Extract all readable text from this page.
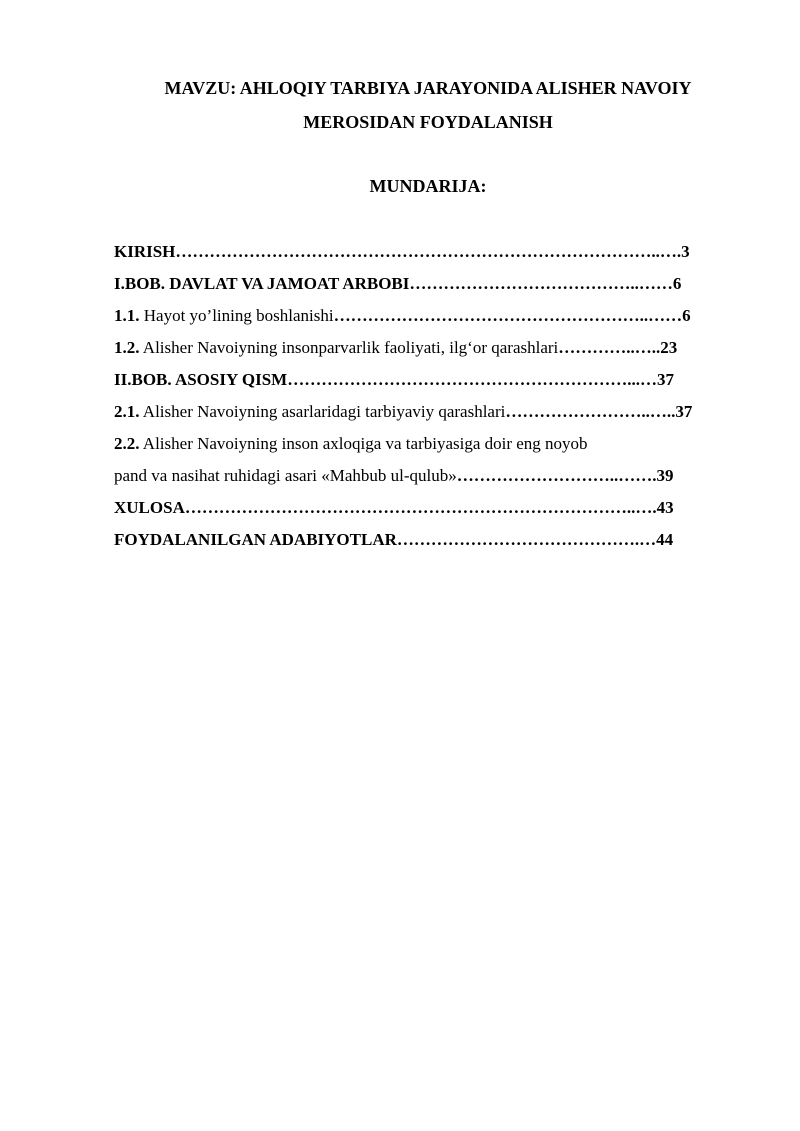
MAVZU: AHLOQIY TARBIYA JARAYONIDA ALISHER NAVOIY
MEROSIDAN FOYDALANISH
MUNDARIJA:
KIRISH…………………………………………………………………………..….3
I.BOB. DAVLAT VA JAMOAT ARBOBI…………………………………..……6
1.1. Hayot yo’lining boshlanishi………………………………………………..……6
1.2. Alisher Navoiyning insonparvarlik faoliyati, ilg‘or qarashlari…………..…..23
II.BOB. ASOSIY QISM……………………………………………………...…37
2.1. Alisher Navoiyning asarlaridagi tarbiyaviy qarashlari……………………..…..37
2.2. Alisher Navoiyning inson axloqiga va tarbiyasiga doir eng noyob
pand va nasihat ruhidagi asari «Mahbub ul-qulub»………………………..…….39
XULOSA……………………………………………………………………..….43
FOYDALANILGAN ADABIYOTLAR…………………………………….…44
